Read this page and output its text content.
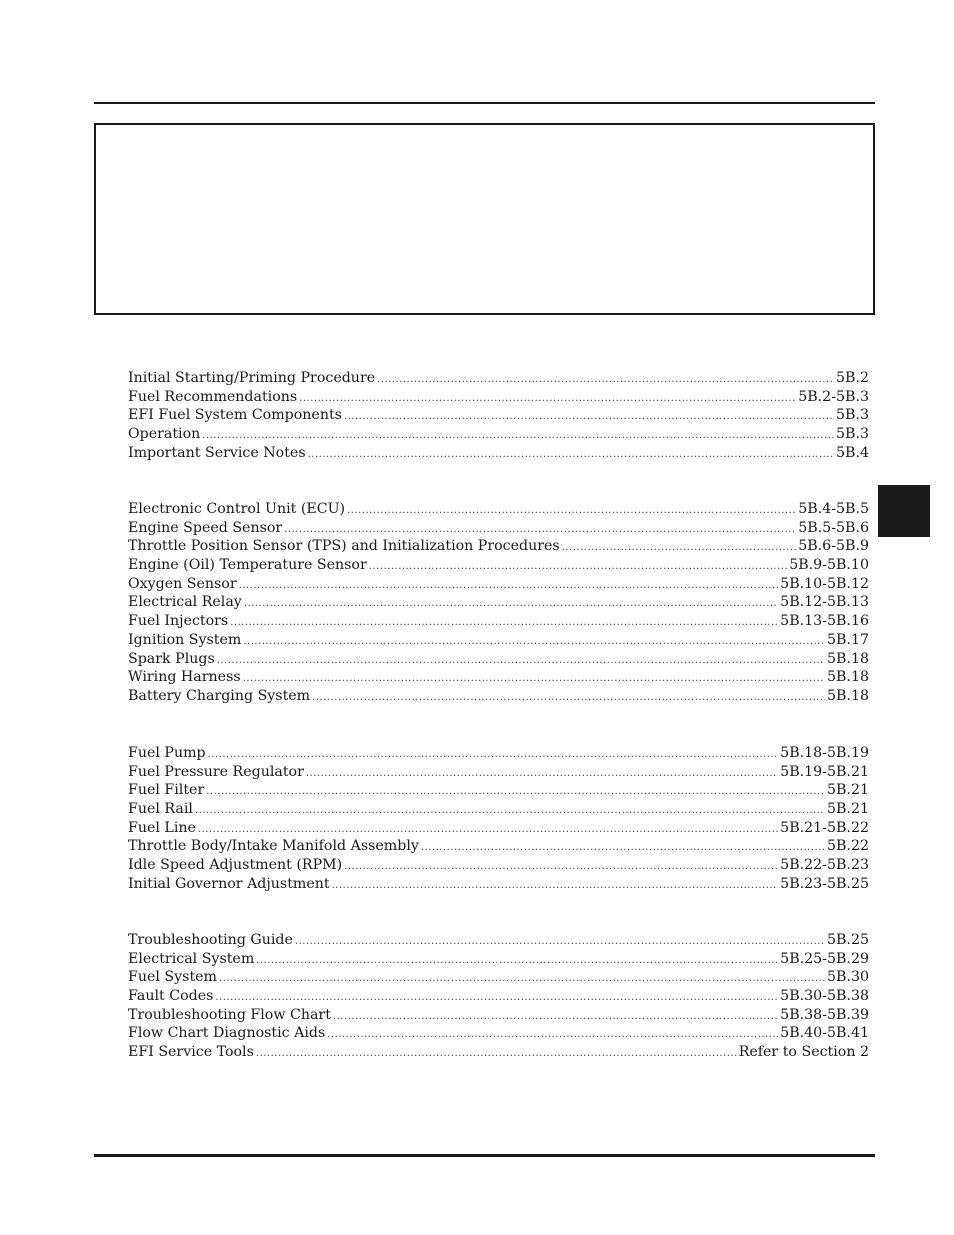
Initial Starting/Priming Procedure .....	5B.2
Fuel Recommendations .....	5B.2-5B.3
EFI Fuel System Components .....	5B.3
Operation .....	5B.3
Important Service Notes .....	5B.4
Electronic Control Unit (ECU) .....	5B.4-5B.5
Engine Speed Sensor .....	5B.5-5B.6
Throttle Position Sensor (TPS) and Initialization Procedures .....	5B.6-5B.9
Engine (Oil) Temperature Sensor .....	5B.9-5B.10
Oxygen Sensor .....	5B.10-5B.12
Electrical Relay .....	5B.12-5B.13
Fuel Injectors .....	5B.13-5B.16
Ignition System .....	5B.17
Spark Plugs .....	5B.18
Wiring Harness .....	5B.18
Battery Charging System .....	5B.18
Fuel Pump .....	5B.18-5B.19
Fuel Pressure Regulator .....	5B.19-5B.21
Fuel Filter .....	5B.21
Fuel Rail .....	5B.21
Fuel Line .....	5B.21-5B.22
Throttle Body/Intake Manifold Assembly .....	5B.22
Idle Speed Adjustment (RPM) .....	5B.22-5B.23
Initial Governor Adjustment .....	5B.23-5B.25
Troubleshooting Guide .....	5B.25
Electrical System .....	5B.25-5B.29
Fuel System .....	5B.30
Fault Codes .....	5B.30-5B.38
Troubleshooting Flow Chart .....	5B.38-5B.39
Flow Chart Diagnostic Aids .....	5B.40-5B.41
EFI Service Tools .....	Refer to Section 2
